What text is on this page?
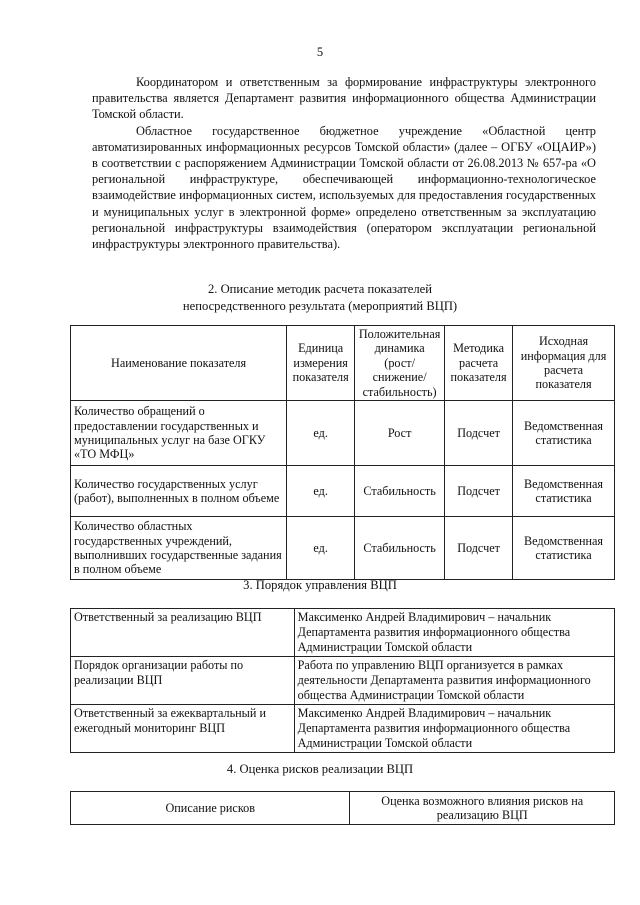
5

Координатором и ответственным за формирование инфраструктуры электронного правительства является Департамент развития информационного общества Администрации Томской области.

Областное государственное бюджетное учреждение «Областной центр автоматизированных информационных ресурсов Томской области» (далее – ОГБУ «ОЦАИР») в соответствии с распоряжением Администрации Томской области от 26.08.2013 № 657-ра «О региональной инфраструктуре, обеспечивающей информационно-технологическое взаимодействие информационных систем, используемых для предоставления государственных и муниципальных услуг в электронной форме» определено ответственным за эксплуатацию региональной инфраструктуры взаимодействия (оператором эксплуатации региональной инфраструктуры электронного правительства).

2. Описание методик расчета показателей
непосредственного результата (мероприятий ВЦП)
Наименование показателя	Единица измерения показателя	Положительная динамика (рост/ снижение/ стабильность)	Методика расчета показателя	Исходная информация для расчета показателя
Количество обращений о предоставлении государственных и муниципальных услуг на базе ОГКУ «ТО МФЦ»	ед.	Рост	Подсчет	Ведомственная статистика
Количество государственных услуг (работ), выполненных в полном объеме	ед.	Стабильность	Подсчет	Ведомственная статистика
Количество областных государственных учреждений, выполнивших государственные задания в полном объеме	ед.	Стабильность	Подсчет	Ведомственная статистика
3. Порядок управления ВЦП
Ответственный за реализацию ВЦП	Максименко Андрей Владимирович – начальник Департамента развития информационного общества Администрации Томской области
Порядок организации работы по реализации ВЦП	Работа по управлению ВЦП организуется в рамках деятельности Департамента развития информационного общества Администрации Томской области
Ответственный за ежеквартальный и ежегодный мониторинг ВЦП	Максименко Андрей Владимирович – начальник Департамента развития информационного общества Администрации Томской области
4. Оценка рисков реализации ВЦП
Описание рисков	Оценка возможного влияния рисков на реализацию ВЦП
